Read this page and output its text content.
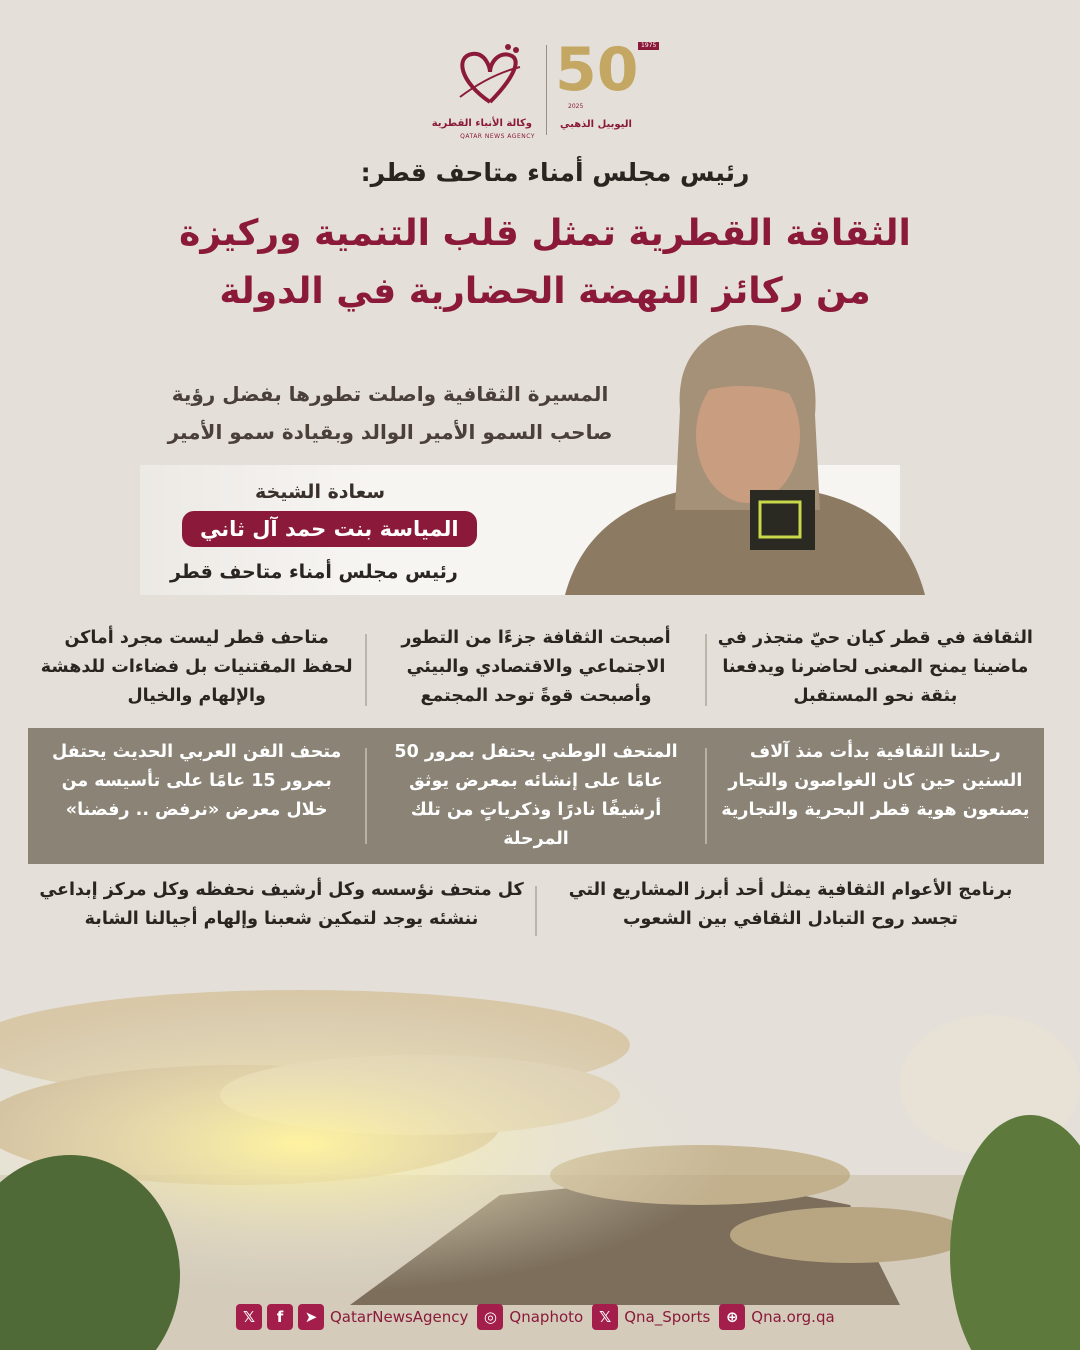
وكالة الأنباء القطرية
QATAR NEWS AGENCY
50 1975
2025
اليوبيل الذهبي
رئيس مجلس أمناء متاحف قطر:
الثقافة القطرية تمثل قلب التنمية وركيزة
من ركائز النهضة الحضارية في الدولة
المسيرة الثقافية واصلت تطورها بفضل رؤية
صاحب السمو الأمير الوالد وبقيادة سمو الأمير
سعادة الشيخة
المياسة بنت حمد آل ثاني
رئيس مجلس أمناء متاحف قطر
الثقافة في قطر كيان حيّ متجذر في ماضينا يمنح المعنى لحاضرنا ويدفعنا بثقة نحو المستقبل
أصبحت الثقافة جزءًا من التطور الاجتماعي والاقتصادي والبيئي وأصبحت قوةً توحد المجتمع
متاحف قطر ليست مجرد أماكن لحفظ المقتنيات بل فضاءات للدهشة والإلهام والخيال
رحلتنا الثقافية بدأت منذ آلاف السنين حين كان الغواصون والتجار يصنعون هوية قطر البحرية والتجارية
المتحف الوطني يحتفل بمرور 50 عامًا على إنشائه بمعرض يوثق أرشيفًا نادرًا وذكرياتٍ من تلك المرحلة
متحف الفن العربي الحديث يحتفل بمرور 15 عامًا على تأسيسه من خلال معرض «نرفض .. رفضنا»
برنامج الأعوام الثقافية يمثل أحد أبرز المشاريع التي تجسد روح التبادل الثقافي بين الشعوب
كل متحف نؤسسه وكل أرشيف نحفظه وكل مركز إبداعي ننشئه يوجد لتمكين شعبنا وإلهام أجيالنا الشابة
𝕏	f	➤ QatarNewsAgency	◎ Qnaphoto	𝕏 Qna_Sports	⊕ Qna.org.qa
